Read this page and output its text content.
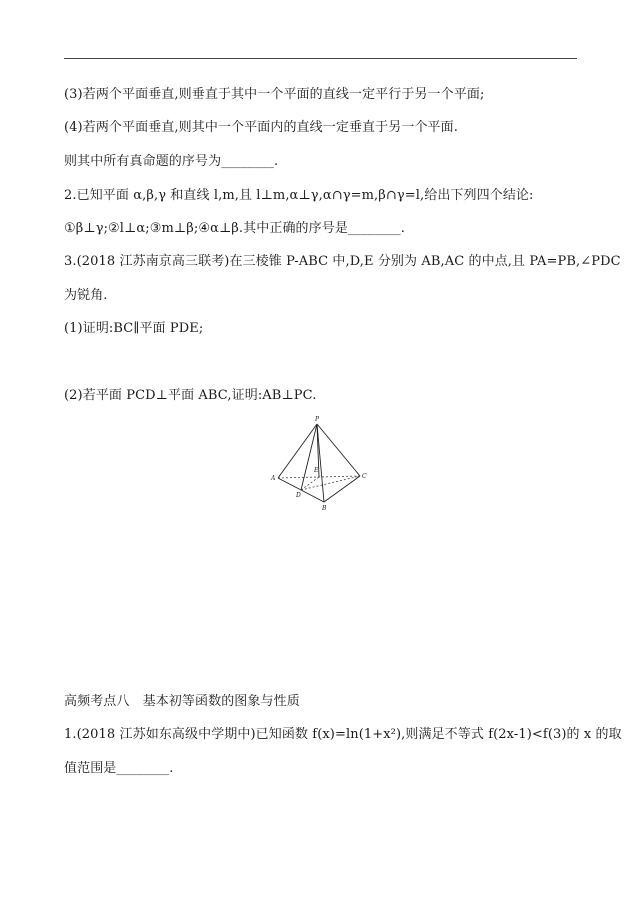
(3)若两个平面垂直,则垂直于其中一个平面的直线一定平行于另一个平面;
(4)若两个平面垂直,则其中一个平面内的直线一定垂直于另一个平面.
则其中所有真命题的序号为________.
2.已知平面 α,β,γ 和直线 l,m,且 l⊥m,α⊥γ,α∩γ=m,β∩γ=l,给出下列四个结论:
①β⊥γ;②l⊥α;③m⊥β;④α⊥β.其中正确的序号是________.
3.(2018 江苏南京高三联考)在三棱锥 P-ABC 中,D,E 分别为 AB,AC 的中点,且 PA=PB,∠PDC
为锐角.
(1)证明:BC∥平面 PDE;
(2)若平面 PCD⊥平面 ABC,证明:AB⊥PC.
P
A
B
C
D
E
高频考点八　基本初等函数的图象与性质
1.(2018 江苏如东高级中学期中)已知函数 f(x)=ln(1+x²),则满足不等式 f(2x-1)<f(3)的 x 的取
值范围是________.
